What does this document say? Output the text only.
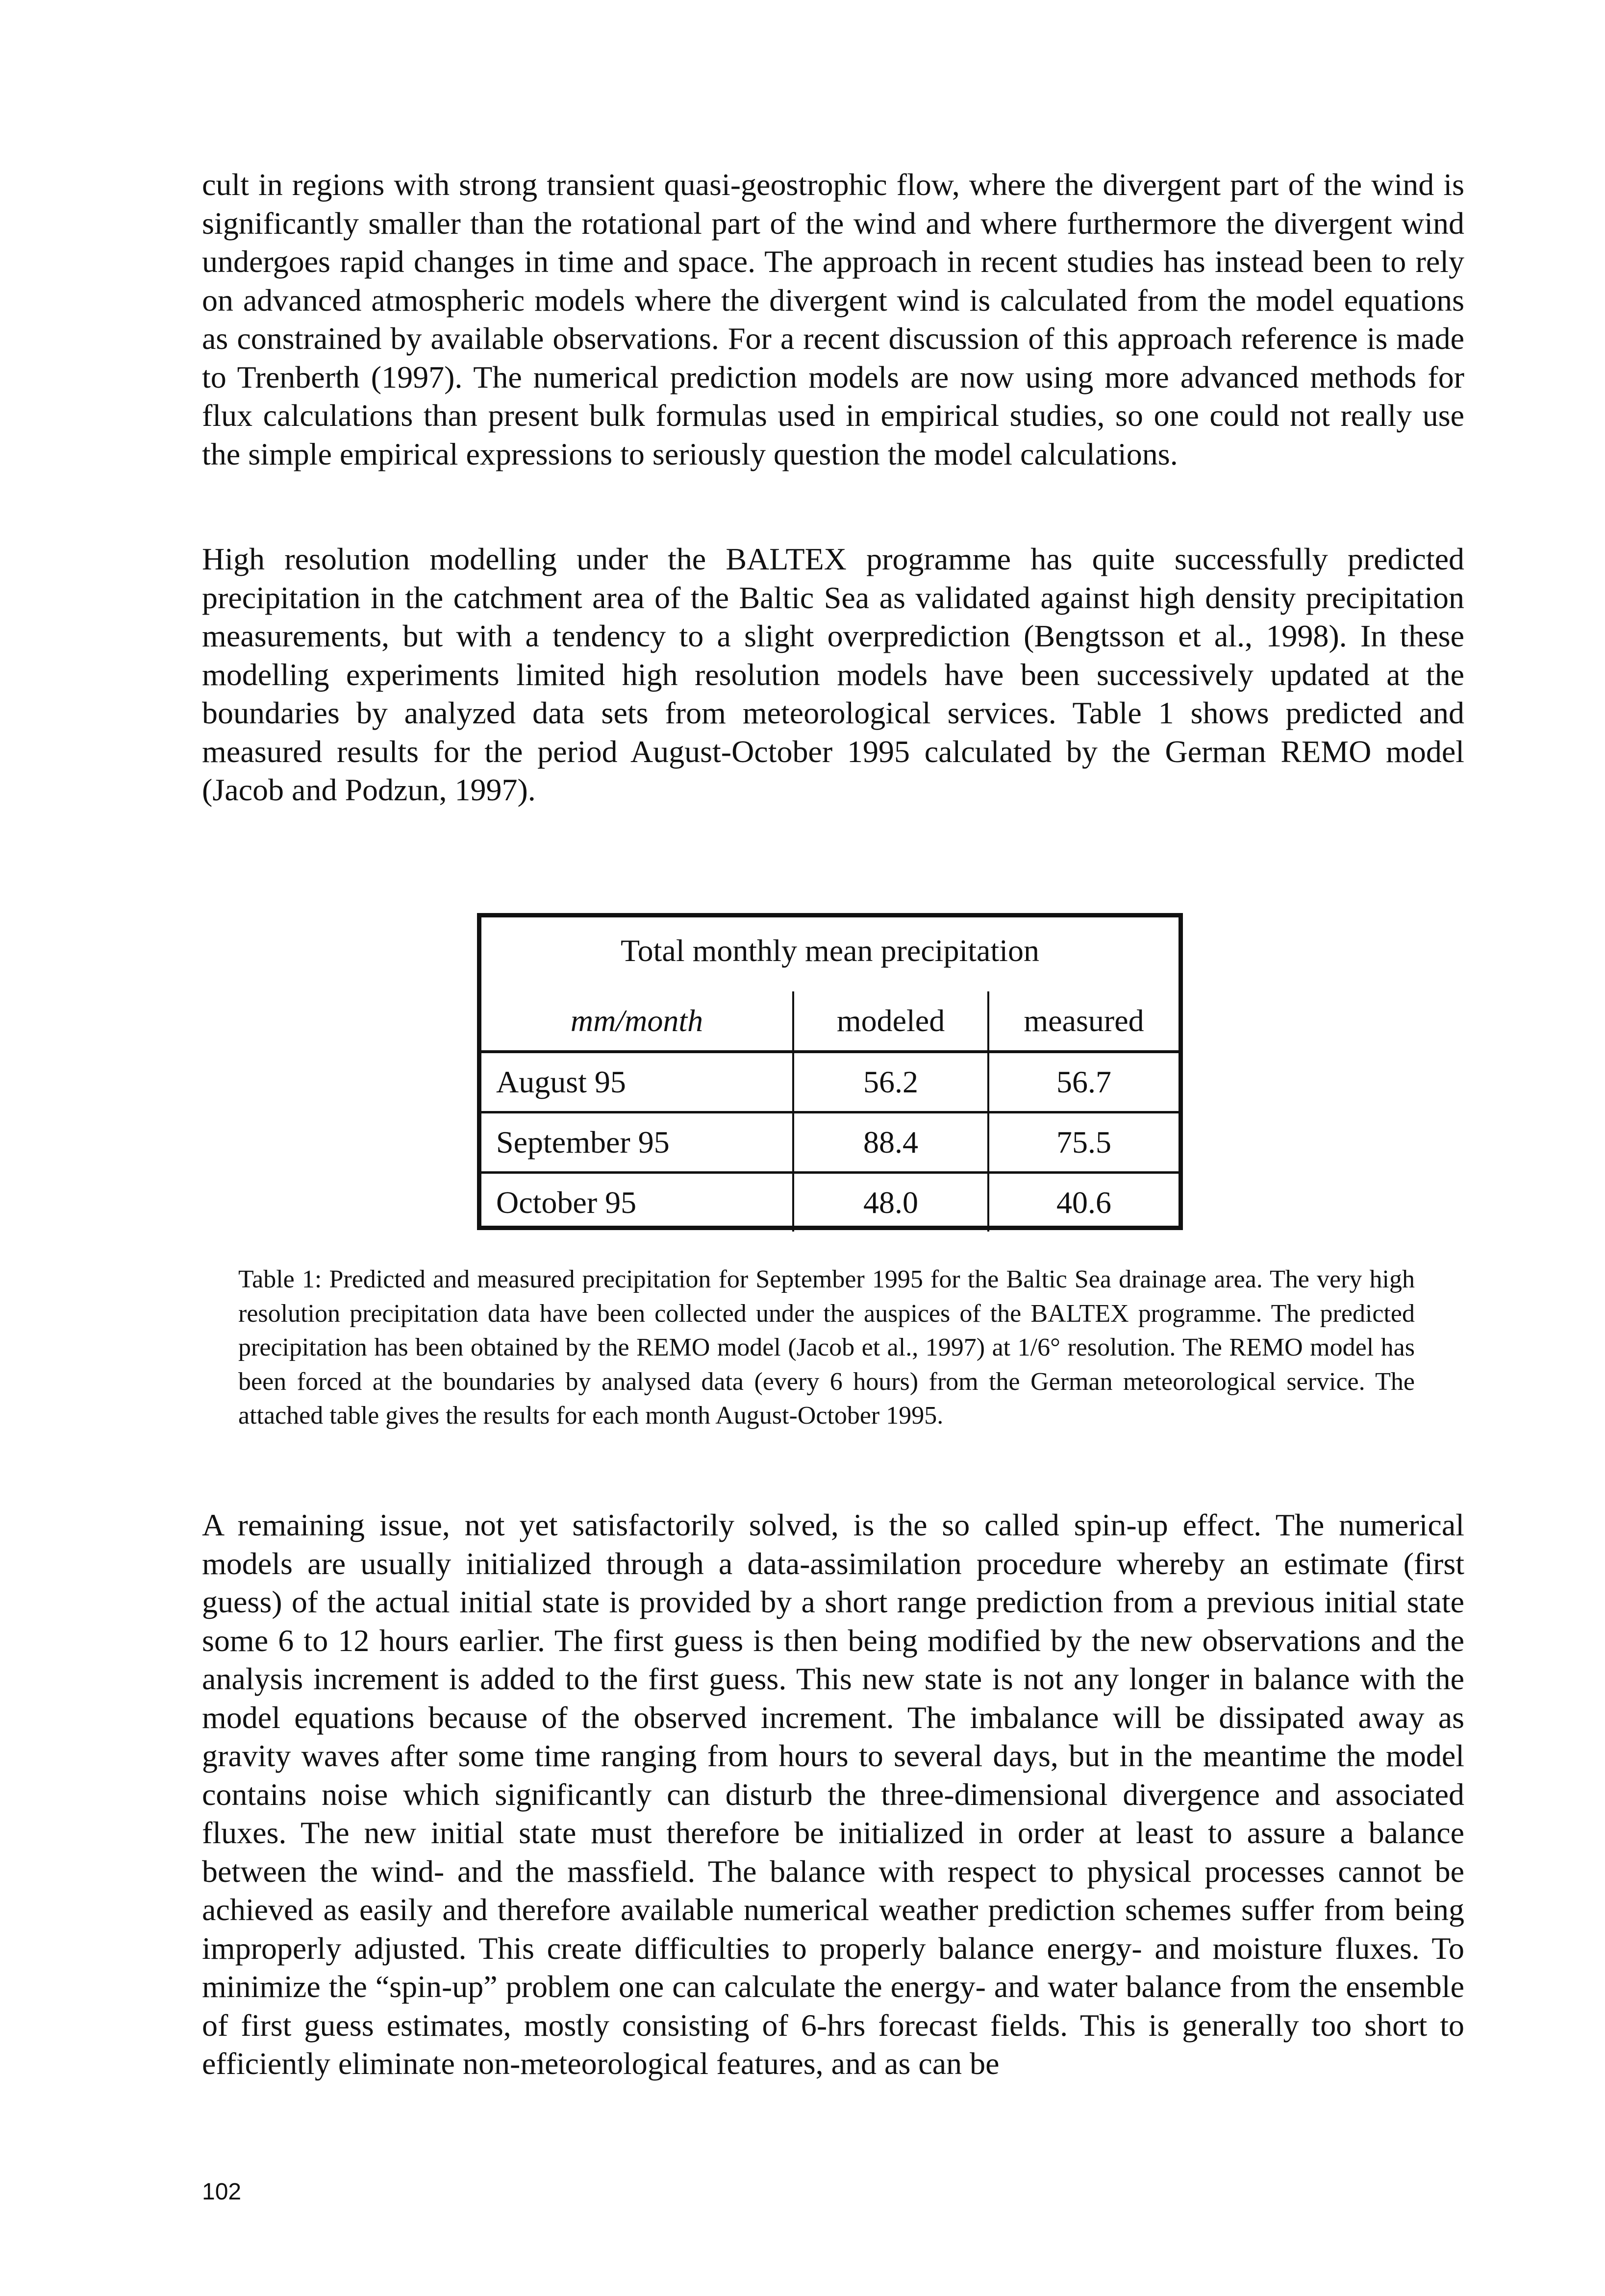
cult in regions with strong transient quasi-geostrophic flow, where the divergent part of the wind is significantly smaller than the rotational part of the wind and where furthermore the divergent wind undergoes rapid changes in time and space. The approach in recent studies has instead been to rely on advanced atmospheric models where the divergent wind is calculated from the model equations as constrained by available observations. For a recent discussion of this approach reference is made to Trenberth (1997). The numerical prediction models are now using more advanced methods for flux calculations than present bulk formulas used in empirical studies, so one could not really use the simple empirical expressions to seriously question the model calculations.

High resolution modelling under the BALTEX programme has quite successfully predicted precipitation in the catchment area of the Baltic Sea as validated against high density precipitation measurements, but with a tendency to a slight overprediction (Bengtsson et al., 1998). In these modelling experiments limited high resolution models have been successively updated at the boundaries by analyzed data sets from meteorological services. Table 1 shows predicted and measured results for the period August-October 1995 calculated by the German REMO model (Jacob and Podzun, 1997).

Total monthly mean precipitation
mm/month	modeled	measured
August 95	56.2	56.7
September 95	88.4	75.5
October 95	48.0	40.6

Table 1: Predicted and measured precipitation for September 1995 for the Baltic Sea drainage area. The very high resolution precipitation data have been collected under the auspices of the BALTEX programme. The predicted precipitation has been obtained by the REMO model (Jacob et al., 1997) at 1/6° resolution. The REMO model has been forced at the boundaries by analysed data (every 6 hours) from the German meteorological service. The attached table gives the results for each month August-October 1995.

A remaining issue, not yet satisfactorily solved, is the so called spin-up effect. The numerical models are usually initialized through a data-assimilation procedure whereby an estimate (first guess) of the actual initial state is provided by a short range prediction from a previous initial state some 6 to 12 hours earlier. The first guess is then being modified by the new observations and the analysis increment is added to the first guess. This new state is not any longer in balance with the model equations because of the observed increment. The imbalance will be dissipated away as gravity waves after some time ranging from hours to several days, but in the meantime the model contains noise which significantly can disturb the three-dimensional divergence and associated fluxes. The new initial state must therefore be initialized in order at least to assure a balance between the wind- and the massfield. The balance with respect to physical processes cannot be achieved as easily and therefore available numerical weather prediction schemes suffer from being improperly adjusted. This create difficulties to properly balance energy- and moisture fluxes. To minimize the “spin-up” problem one can calculate the energy- and water balance from the ensemble of first guess estimates, mostly consisting of 6-hrs forecast fields. This is generally too short to efficiently eliminate non-meteorological features, and as can be

102
